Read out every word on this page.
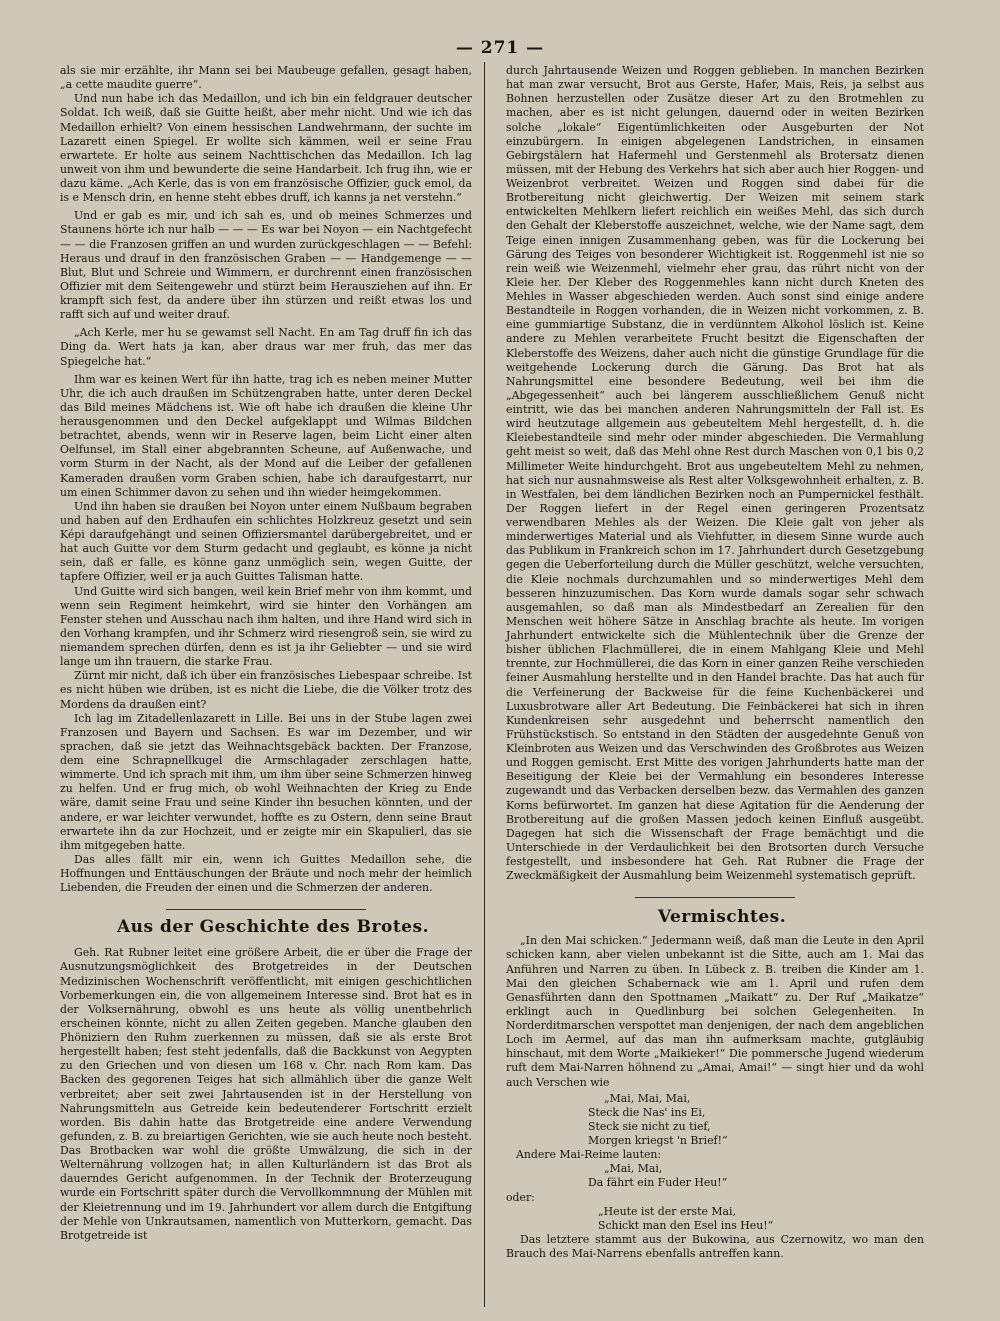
— 271 —

als sie mir erzählte, ihr Mann sei bei Maubeuge gefallen, gesagt haben, „a cette maudite guerre“.

Und nun habe ich das Medaillon, und ich bin ein feldgrauer deutscher Soldat. Ich weiß, daß sie Guitte heißt, aber mehr nicht. Und wie ich das Medaillon erhielt? Von einem hessischen Landwehrmann, der suchte im Lazarett einen Spiegel. Er wollte sich kämmen, weil er seine Frau erwartete. Er holte aus seinem Nachttischchen das Medaillon. Ich lag unweit von ihm und bewunderte die seine Handarbeit. Ich frug ihn, wie er dazu käme. „Ach Kerle, das is von em französische Offizier, guck emol, da is e Mensch drin, en henne steht ebbes druff, ich kanns ja net verstehn.“

Und er gab es mir, und ich sah es, und ob meines Schmerzes und Staunens hörte ich nur halb — — — Es war bei Noyon — ein Nachtgefecht — — die Franzosen griffen an und wurden zurückgeschlagen — — Befehl: Heraus und drauf in den französischen Graben — — Handgemenge — — Blut, Blut und Schreie und Wimmern, er durchrennt einen französischen Offizier mit dem Seitengewehr und stürzt beim Herausziehen auf ihn. Er krampft sich fest, da andere über ihn stürzen und reißt etwas los und rafft sich auf und weiter drauf.

„Ach Kerle, mer hu se gewamst sell Nacht. En am Tag druff fin ich das Ding da. Wert hats ja kan, aber draus war mer fruh, das mer das Spiegelche hat.“

Ihm war es keinen Wert für ihn hatte, trag ich es neben meiner Mutter Uhr, die ich auch draußen im Schützengraben hatte, unter deren Deckel das Bild meines Mädchens ist. Wie oft habe ich draußen die kleine Uhr herausgenommen und den Deckel aufgeklappt und Wilmas Bildchen betrachtet, abends, wenn wir in Reserve lagen, beim Licht einer alten Oelfunsel, im Stall einer abgebrannten Scheune, auf Außenwache, und vorm Sturm in der Nacht, als der Mond auf die Leiber der gefallenen Kameraden draußen vorm Graben schien, habe ich daraufgestarrt, nur um einen Schimmer davon zu sehen und ihn wieder heimgekommen.

Und ihn haben sie draußen bei Noyon unter einem Nußbaum begraben und haben auf den Erdhaufen ein schlichtes Holzkreuz gesetzt und sein Képi daraufgehängt und seinen Offiziersmantel darübergebreitet, und er hat auch Guitte vor dem Sturm gedacht und geglaubt, es könne ja nicht sein, daß er falle, es könne ganz unmöglich sein, wegen Guitte, der tapfere Offizier, weil er ja auch Guittes Talisman hatte.

Und Guitte wird sich bangen, weil kein Brief mehr von ihm kommt, und wenn sein Regiment heimkehrt, wird sie hinter den Vorhängen am Fenster stehen und Ausschau nach ihm halten, und ihre Hand wird sich in den Vorhang krampfen, und ihr Schmerz wird riesengroß sein, sie wird zu niemandem sprechen dürfen, denn es ist ja ihr Geliebter — und sie wird lange um ihn trauern, die starke Frau.

Zürnt mir nicht, daß ich über ein französisches Liebespaar schreibe. Ist es nicht hüben wie drüben, ist es nicht die Liebe, die die Völker trotz des Mordens da draußen eint?

Ich lag im Zitadellenlazarett in Lille. Bei uns in der Stube lagen zwei Franzosen und Bayern und Sachsen. Es war im Dezember, und wir sprachen, daß sie jetzt das Weihnachtsgebäck backten. Der Franzose, dem eine Schrapnellkugel die Armschlagader zerschlagen hatte, wimmerte. Und ich sprach mit ihm, um ihm über seine Schmerzen hinweg zu helfen. Und er frug mich, ob wohl Weihnachten der Krieg zu Ende wäre, damit seine Frau und seine Kinder ihn besuchen könnten, und der andere, er war leichter verwundet, hoffte es zu Ostern, denn seine Braut erwartete ihn da zur Hochzeit, und er zeigte mir ein Skapulierl, das sie ihm mitgegeben hatte.

Das alles fällt mir ein, wenn ich Guittes Medaillon sehe, die Hoffnungen und Enttäuschungen der Bräute und noch mehr der heimlich Liebenden, die Freuden der einen und die Schmerzen der anderen.

Aus der Geschichte des Brotes.

Geh. Rat Rubner leitet eine größere Arbeit, die er über die Frage der Ausnutzungsmöglichkeit des Brotgetreides in der Deutschen Medizinischen Wochenschrift veröffentlicht, mit einigen geschichtlichen Vorbemerkungen ein, die von allgemeinem Interesse sind. Brot hat es in der Volksernährung, obwohl es uns heute als völlig unentbehrlich erscheinen könnte, nicht zu allen Zeiten gegeben. Manche glauben den Phöniziern den Ruhm zuerkennen zu müssen, daß sie als erste Brot hergestellt haben; fest steht jedenfalls, daß die Backkunst von Aegypten zu den Griechen und von diesen um 168 v. Chr. nach Rom kam. Das Backen des gegorenen Teiges hat sich allmählich über die ganze Welt verbreitet; aber seit zwei Jahrtausenden ist in der Herstellung von Nahrungsmitteln aus Getreide kein bedeutenderer Fortschritt erzielt worden. Bis dahin hatte das Brotgetreide eine andere Verwendung gefunden, z. B. zu breiartigen Gerichten, wie sie auch heute noch besteht. Das Brotbacken war wohl die größte Umwälzung, die sich in der Welternährung vollzogen hat; in allen Kulturländern ist das Brot als dauerndes Gericht aufgenommen. In der Technik der Broterzeugung wurde ein Fortschritt später durch die Vervollkommnung der Mühlen mit der Kleietrennung und im 19. Jahrhundert vor allem durch die Entgiftung der Mehle von Unkrautsamen, namentlich von Mutterkorn, gemacht. Das Brotgetreide ist

durch Jahrtausende Weizen und Roggen geblieben. In manchen Bezirken hat man zwar versucht, Brot aus Gerste, Hafer, Mais, Reis, ja selbst aus Bohnen herzustellen oder Zusätze dieser Art zu den Brotmehlen zu machen, aber es ist nicht gelungen, dauernd oder in weiten Bezirken solche „lokale“ Eigentümlichkeiten oder Ausgeburten der Not einzubürgern. In einigen abgelegenen Landstrichen, in einsamen Gebirgstälern hat Hafermehl und Gerstenmehl als Brotersatz dienen müssen, mit der Hebung des Verkehrs hat sich aber auch hier Roggen- und Weizenbrot verbreitet. Weizen und Roggen sind dabei für die Brotbereitung nicht gleichwertig. Der Weizen mit seinem stark entwickelten Mehlkern liefert reichlich ein weißes Mehl, das sich durch den Gehalt der Kleberstoffe auszeichnet, welche, wie der Name sagt, dem Teige einen innigen Zusammenhang geben, was für die Lockerung bei Gärung des Teiges von besonderer Wichtigkeit ist. Roggenmehl ist nie so rein weiß wie Weizenmehl, vielmehr eher grau, das rührt nicht von der Kleie her. Der Kleber des Roggenmehles kann nicht durch Kneten des Mehles in Wasser abgeschieden werden. Auch sonst sind einige andere Bestandteile in Roggen vorhanden, die in Weizen nicht vorkommen, z. B. eine gummiartige Substanz, die in verdünntem Alkohol löslich ist. Keine andere zu Mehlen verarbeitete Frucht besitzt die Eigenschaften der Kleberstoffe des Weizens, daher auch nicht die günstige Grundlage für die weitgehende Lockerung durch die Gärung. Das Brot hat als Nahrungsmittel eine besondere Bedeutung, weil bei ihm die „Abgegessenheit“ auch bei längerem ausschließlichem Genuß nicht eintritt, wie das bei manchen anderen Nahrungsmitteln der Fall ist. Es wird heutzutage allgemein aus gebeuteltem Mehl hergestellt, d. h. die Kleiebestandteile sind mehr oder minder abgeschieden. Die Vermahlung geht meist so weit, daß das Mehl ohne Rest durch Maschen von 0,1 bis 0,2 Millimeter Weite hindurchgeht. Brot aus ungebeuteltem Mehl zu nehmen, hat sich nur ausnahmsweise als Rest alter Volksgewohnheit erhalten, z. B. in Westfalen, bei dem ländlichen Bezirken noch an Pumpernickel festhält. Der Roggen liefert in der Regel einen geringeren Prozentsatz verwendbaren Mehles als der Weizen. Die Kleie galt von jeher als minderwertiges Material und als Viehfutter, in diesem Sinne wurde auch das Publikum in Frankreich schon im 17. Jahrhundert durch Gesetzgebung gegen die Ueberforteilung durch die Müller geschützt, welche versuchten, die Kleie nochmals durchzumahlen und so minderwertiges Mehl dem besseren hinzuzumischen. Das Korn wurde damals sogar sehr schwach ausgemahlen, so daß man als Mindestbedarf an Zerealien für den Menschen weit höhere Sätze in Anschlag brachte als heute. Im vorigen Jahrhundert entwickelte sich die Mühlentechnik über die Grenze der bisher üblichen Flachmüllerei, die in einem Mahlgang Kleie und Mehl trennte, zur Hochmüllerei, die das Korn in einer ganzen Reihe verschieden feiner Ausmahlung herstellte und in den Handel brachte. Das hat auch für die Verfeinerung der Backweise für die feine Kuchenbäckerei und Luxusbrotware aller Art Bedeutung. Die Feinbäckerei hat sich in ihren Kundenkreisen sehr ausgedehnt und beherrscht namentlich den Frühstückstisch. So entstand in den Städten der ausgedehnte Genuß von Kleinbroten aus Weizen und das Verschwinden des Großbrotes aus Weizen und Roggen gemischt. Erst Mitte des vorigen Jahrhunderts hatte man der Beseitigung der Kleie bei der Vermahlung ein besonderes Interesse zugewandt und das Verbacken derselben bezw. das Vermahlen des ganzen Korns befürwortet. Im ganzen hat diese Agitation für die Aenderung der Brotbereitung auf die großen Massen jedoch keinen Einfluß ausgeübt. Dagegen hat sich die Wissenschaft der Frage bemächtigt und die Unterschiede in der Verdaulichkeit bei den Brotsorten durch Versuche festgestellt, und insbesondere hat Geh. Rat Rubner die Frage der Zweckmäßigkeit der Ausmahlung beim Weizenmehl systematisch geprüft.

Vermischtes.

„In den Mai schicken.“ Jedermann weiß, daß man die Leute in den April schicken kann, aber vielen unbekannt ist die Sitte, auch am 1. Mai das Anführen und Narren zu üben. In Lübeck z. B. treiben die Kinder am 1. Mai den gleichen Schabernack wie am 1. April und rufen dem Genasführten dann den Spottnamen „Maikatt“ zu. Der Ruf „Maikatze“ erklingt auch in Quedlinburg bei solchen Gelegenheiten. In Norderditmarschen verspottet man denjenigen, der nach dem angeblichen Loch im Aermel, auf das man ihn aufmerksam machte, gutgläubig hinschaut, mit dem Worte „Maikieker!“ Die pommersche Jugend wiederum ruft dem Mai-Narren höhnend zu „Amai, Amai!“ — singt hier und da wohl auch Verschen wie

„Mai, Mai, Mai,

Steck die Nas' ins Ei,

Steck sie nicht zu tief,

Morgen kriegst 'n Brief!“

Andere Mai-Reime lauten:

„Mai, Mai,

Da fährt ein Fuder Heu!“

oder:

„Heute ist der erste Mai,

Schickt man den Esel ins Heu!“

Das letztere stammt aus der Bukowina, aus Czernowitz, wo man den Brauch des Mai-Narrens ebenfalls antreffen kann.
